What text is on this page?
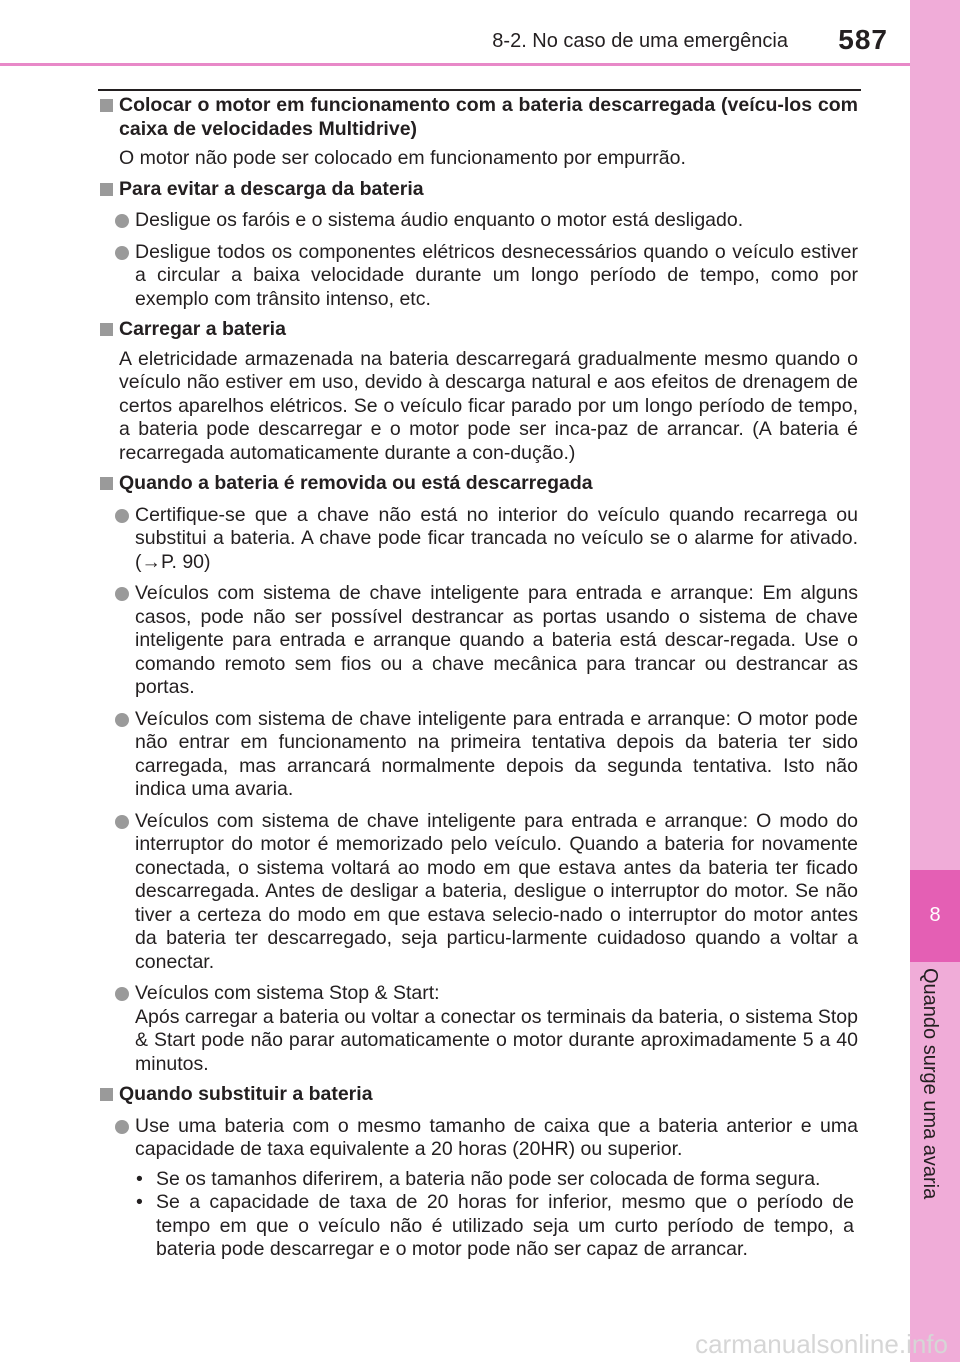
8-2. No caso de uma emergência 587
8
Quando surge uma avaria
Colocar o motor em funcionamento com a bateria descarregada (veícu-los com caixa de velocidades Multidrive)
O motor não pode ser colocado em funcionamento por empurrão.
Para evitar a descarga da bateria
Desligue os faróis e o sistema áudio enquanto o motor está desligado.
Desligue todos os componentes elétricos desnecessários quando o veículo estiver a circular a baixa velocidade durante um longo período de tempo, como por exemplo com trânsito intenso, etc.
Carregar a bateria
A eletricidade armazenada na bateria descarregará gradualmente mesmo quando o veículo não estiver em uso, devido à descarga natural e aos efeitos de drenagem de certos aparelhos elétricos. Se o veículo ficar parado por um longo período de tempo, a bateria pode descarregar e o motor pode ser inca-paz de arrancar. (A bateria é recarregada automaticamente durante a con-dução.)
Quando a bateria é removida ou está descarregada
Certifique-se que a chave não está no interior do veículo quando recarrega ou substitui a bateria. A chave pode ficar trancada no veículo se o alarme for ativado. (→P. 90)
Veículos com sistema de chave inteligente para entrada e arranque: Em alguns casos, pode não ser possível destrancar as portas usando o sistema de chave inteligente para entrada e arranque quando a bateria está descar-regada. Use o comando remoto sem fios ou a chave mecânica para trancar ou destrancar as portas.
Veículos com sistema de chave inteligente para entrada e arranque: O motor pode não entrar em funcionamento na primeira tentativa depois da bateria ter sido carregada, mas arrancará normalmente depois da segunda tentativa. Isto não indica uma avaria.
Veículos com sistema de chave inteligente para entrada e arranque: O modo do interruptor do motor é memorizado pelo veículo. Quando a bateria for novamente conectada, o sistema voltará ao modo em que estava antes da bateria ter ficado descarregada. Antes de desligar a bateria, desligue o interruptor do motor. Se não tiver a certeza do modo em que estava selecio-nado o interruptor do motor antes da bateria ter descarregado, seja particu-larmente cuidadoso quando a voltar a conectar.
Veículos com sistema Stop & Start:
Após carregar a bateria ou voltar a conectar os terminais da bateria, o sistema Stop & Start pode não parar automaticamente o motor durante aproximadamente 5 a 40 minutos.
Quando substituir a bateria
Use uma bateria com o mesmo tamanho de caixa que a bateria anterior e uma capacidade de taxa equivalente a 20 horas (20HR) ou superior.
• Se os tamanhos diferirem, a bateria não pode ser colocada de forma segura.
• Se a capacidade de taxa de 20 horas for inferior, mesmo que o período de tempo em que o veículo não é utilizado seja um curto período de tempo, a bateria pode descarregar e o motor pode não ser capaz de arrancar.
carmanualsonline.info
